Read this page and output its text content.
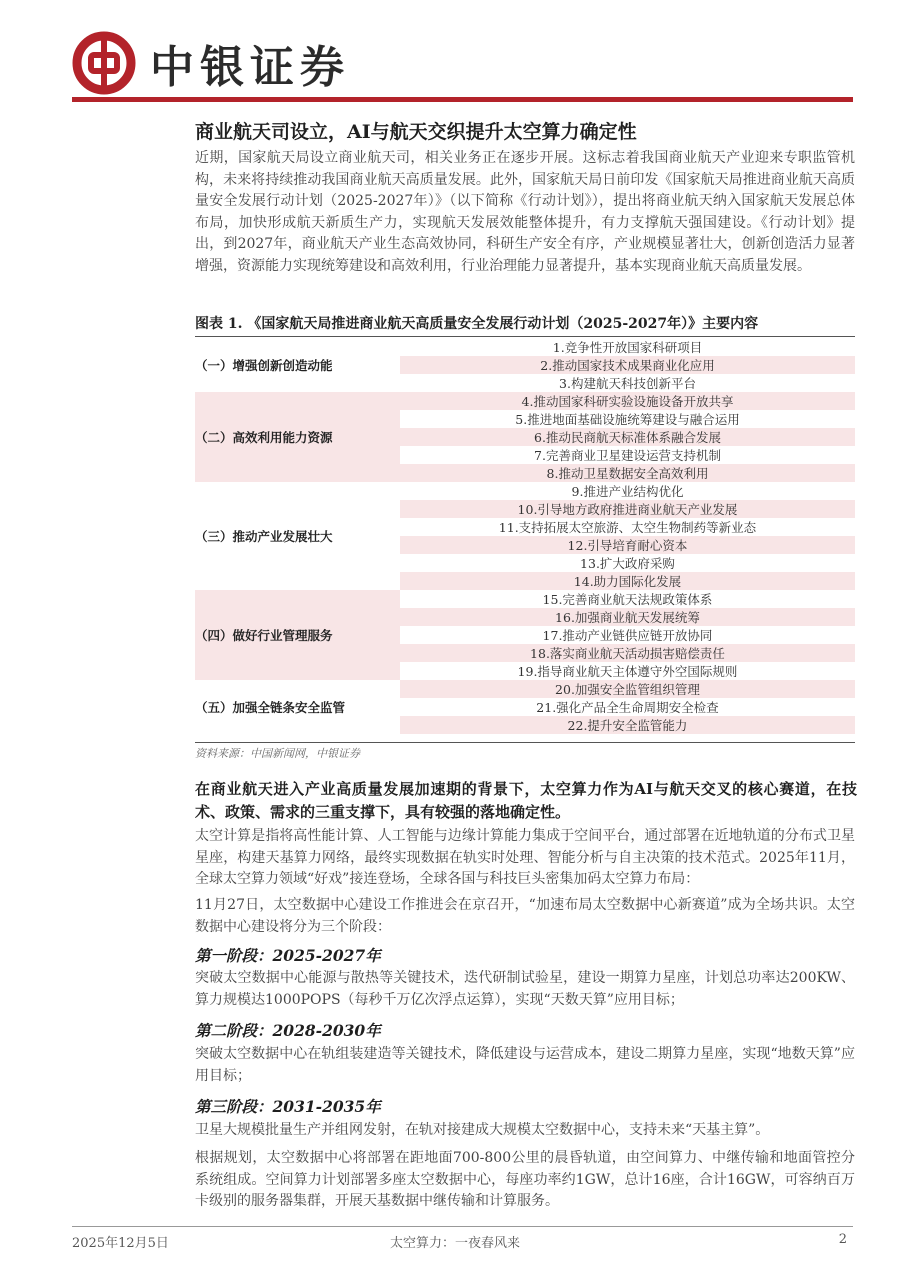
中银证券
商业航天司设立，AI与航天交织提升太空算力确定性
近期，国家航天局设立商业航天司，相关业务正在逐步开展。这标志着我国商业航天产业迎来专职监管机构，未来将持续推动我国商业航天高质量发展。此外，国家航天局日前印发《国家航天局推进商业航天高质量安全发展行动计划（2025-2027年）》（以下简称《行动计划》），提出将商业航天纳入国家航天发展总体布局，加快形成航天新质生产力，实现航天发展效能整体提升，有力支撑航天强国建设。《行动计划》提出，到2027年，商业航天产业生态高效协同，科研生产安全有序，产业规模显著壮大，创新创造活力显著增强，资源能力实现统筹建设和高效利用，行业治理能力显著提升，基本实现商业航天高质量发展。
图表 1. 《国家航天局推进商业航天高质量安全发展行动计划（2025-2027年）》主要内容
（一）增强创新创造动能	1.竞争性开放国家科研项目
	2.推动国家技术成果商业化应用
	3.构建航天科技创新平台
（二）高效利用能力资源	4.推动国家科研实验设施设备开放共享
	5.推进地面基础设施统筹建设与融合运用
	6.推动民商航天标准体系融合发展
	7.完善商业卫星建设运营支持机制
	8.推动卫星数据安全高效利用
（三）推动产业发展壮大	9.推进产业结构优化
	10.引导地方政府推进商业航天产业发展
	11.支持拓展太空旅游、太空生物制药等新业态
	12.引导培育耐心资本
	13.扩大政府采购
	14.助力国际化发展
（四）做好行业管理服务	15.完善商业航天法规政策体系
	16.加强商业航天发展统筹
	17.推动产业链供应链开放协同
	18.落实商业航天活动损害赔偿责任
	19.指导商业航天主体遵守外空国际规则
（五）加强全链条安全监管	20.加强安全监管组织管理
	21.强化产品全生命周期安全检查
	22.提升安全监管能力
资料来源：中国新闻网，中银证券
在商业航天进入产业高质量发展加速期的背景下，太空算力作为AI与航天交叉的核心赛道，在技术、政策、需求的三重支撑下，具有较强的落地确定性。
太空计算是指将高性能计算、人工智能与边缘计算能力集成于空间平台，通过部署在近地轨道的分布式卫星星座，构建天基算力网络，最终实现数据在轨实时处理、智能分析与自主决策的技术范式。2025年11月，全球太空算力领域“好戏”接连登场，全球各国与科技巨头密集加码太空算力布局：
11月27日，太空数据中心建设工作推进会在京召开，“加速布局太空数据中心新赛道”成为全场共识。太空数据中心建设将分为三个阶段：
第一阶段：2025-2027年
突破太空数据中心能源与散热等关键技术，迭代研制试验星，建设一期算力星座，计划总功率达200KW、算力规模达1000POPS（每秒千万亿次浮点运算），实现“天数天算”应用目标；
第二阶段：2028-2030年
突破太空数据中心在轨组装建造等关键技术，降低建设与运营成本，建设二期算力星座，实现“地数天算”应用目标；
第三阶段：2031-2035年
卫星大规模批量生产并组网发射，在轨对接建成大规模太空数据中心，支持未来“天基主算”。
根据规划，太空数据中心将部署在距地面700-800公里的晨昏轨道，由空间算力、中继传输和地面管控分系统组成。空间算力计划部署多座太空数据中心，每座功率约1GW，总计16座，合计16GW，可容纳百万卡级别的服务器集群，开展天基数据中继传输和计算服务。
2025年12月5日	太空算力：一夜春风来	2
